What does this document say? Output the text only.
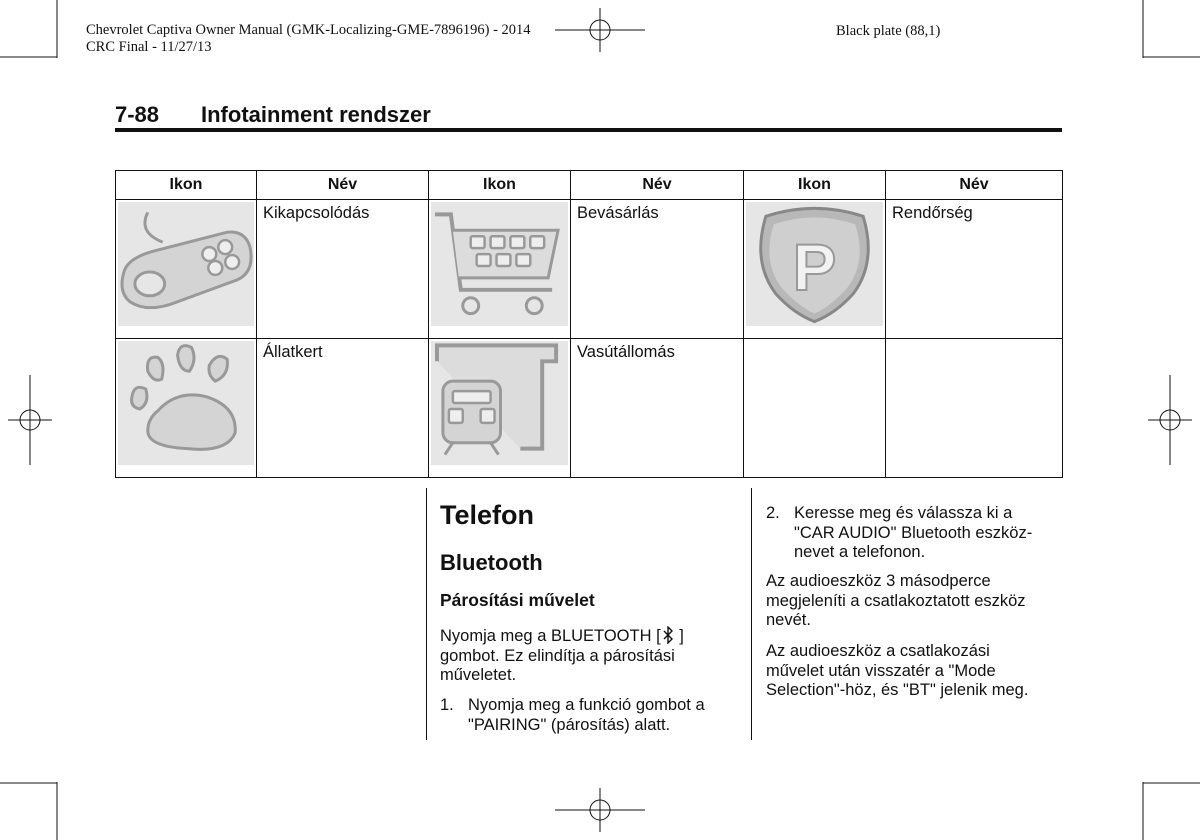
Chevrolet Captiva Owner Manual (GMK-Localizing-GME-7896196) - 2014
CRC Final - 11/27/13
Black plate (88,1)
7-88 Infotainment rendszer
Ikon	Név	Ikon	Név	Ikon	Név

	Kikapcsolódás		Bevásárlás	P	Rendőrség

	Állatkert		Vasútállomás		
Telefon
Bluetooth
Párosítási művelet
Nyomja meg a BLUETOOTH [ ]
gombot. Ez elindítja a párosítási
műveletet.
1. Nyomja meg a funkció gombot a
"PAIRING" (párosítás) alatt.
2. Keresse meg és válassza ki a
"CAR AUDIO" Bluetooth eszköz-
nevet a telefonon.
Az audioeszköz 3 másodperce
megjeleníti a csatlakoztatott eszköz
nevét.
Az audioeszköz a csatlakozási
művelet után visszatér a "Mode
Selection"-höz, és "BT" jelenik meg.
